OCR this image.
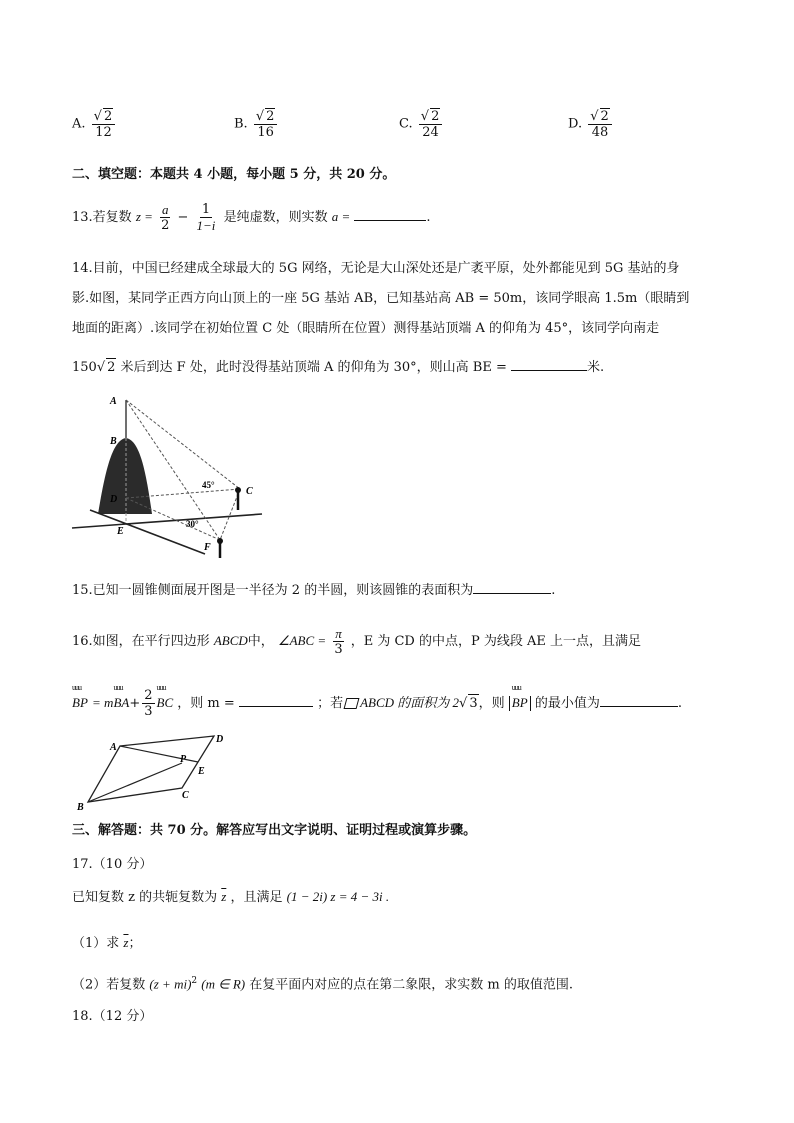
A. $\frac{√ 2}{12}$	B. $\frac{√ 2}{16}$	C. $\frac{√ 2}{24}$	D. $\frac{√ 2}{48}$
二、填空题：本题共 4 小题，每小题 5 分，共 20 分。
13.若复数 $z = \frac{a}{2} - \frac{1}{1-i}$ 是纯虚数，则实数 a =	.
14.目前，中国已经建成全球最大的 5G 网络，无论是大山深处还是广袤平原，处外都能见到 5G 基站的身
影.如图，某同学正西方向山顶上的一座 5G 基站 AB，已知基站高 AB = 50m，该同学眼高 1.5m（眼睛到
地面的距离）.该同学在初始位置 C 处（眼睛所在位置）测得基站顶端 A 的仰角为 45°，该同学向南走
150√ 2 米后到达 F 处，此时没得基站顶端 A 的仰角为 30°，则山高 BE =	米.
A
B
D
E
C
F
45°
30°
15.已知一圆锥侧面展开图是一半径为 2 的半圆，则该圆锥的表面积为	.
16.如图，在平行四边形 ABCD中， ∠ABC = $\frac{\pi}{3}$ ，E 为 CD 的中点，P 为线段 AE 上一点，且满足
uuu
BP = m
uuu
$BA+ \frac{2}{3}$
uuu
BC ，则 m =	；若 ABCD 的面积为 2√ 3，则
uuu
BP 的最小值为	.
A
B
C
D
E
P
三、解答题：共 70 分。解答应写出文字说明、证明过程或演算步骤。
17.（10 分）
已知复数 z 的共轭复数为 $\overline{z}$ ，且满足 (1 − 2i) z = 4 − 3i .
（1）求 $\overline{z}$；
（2）若复数 (z + mi)$^2$ (m ∈ R) 在复平面内对应的点在第二象限，求实数 m 的取值范围.
18.（12 分）
